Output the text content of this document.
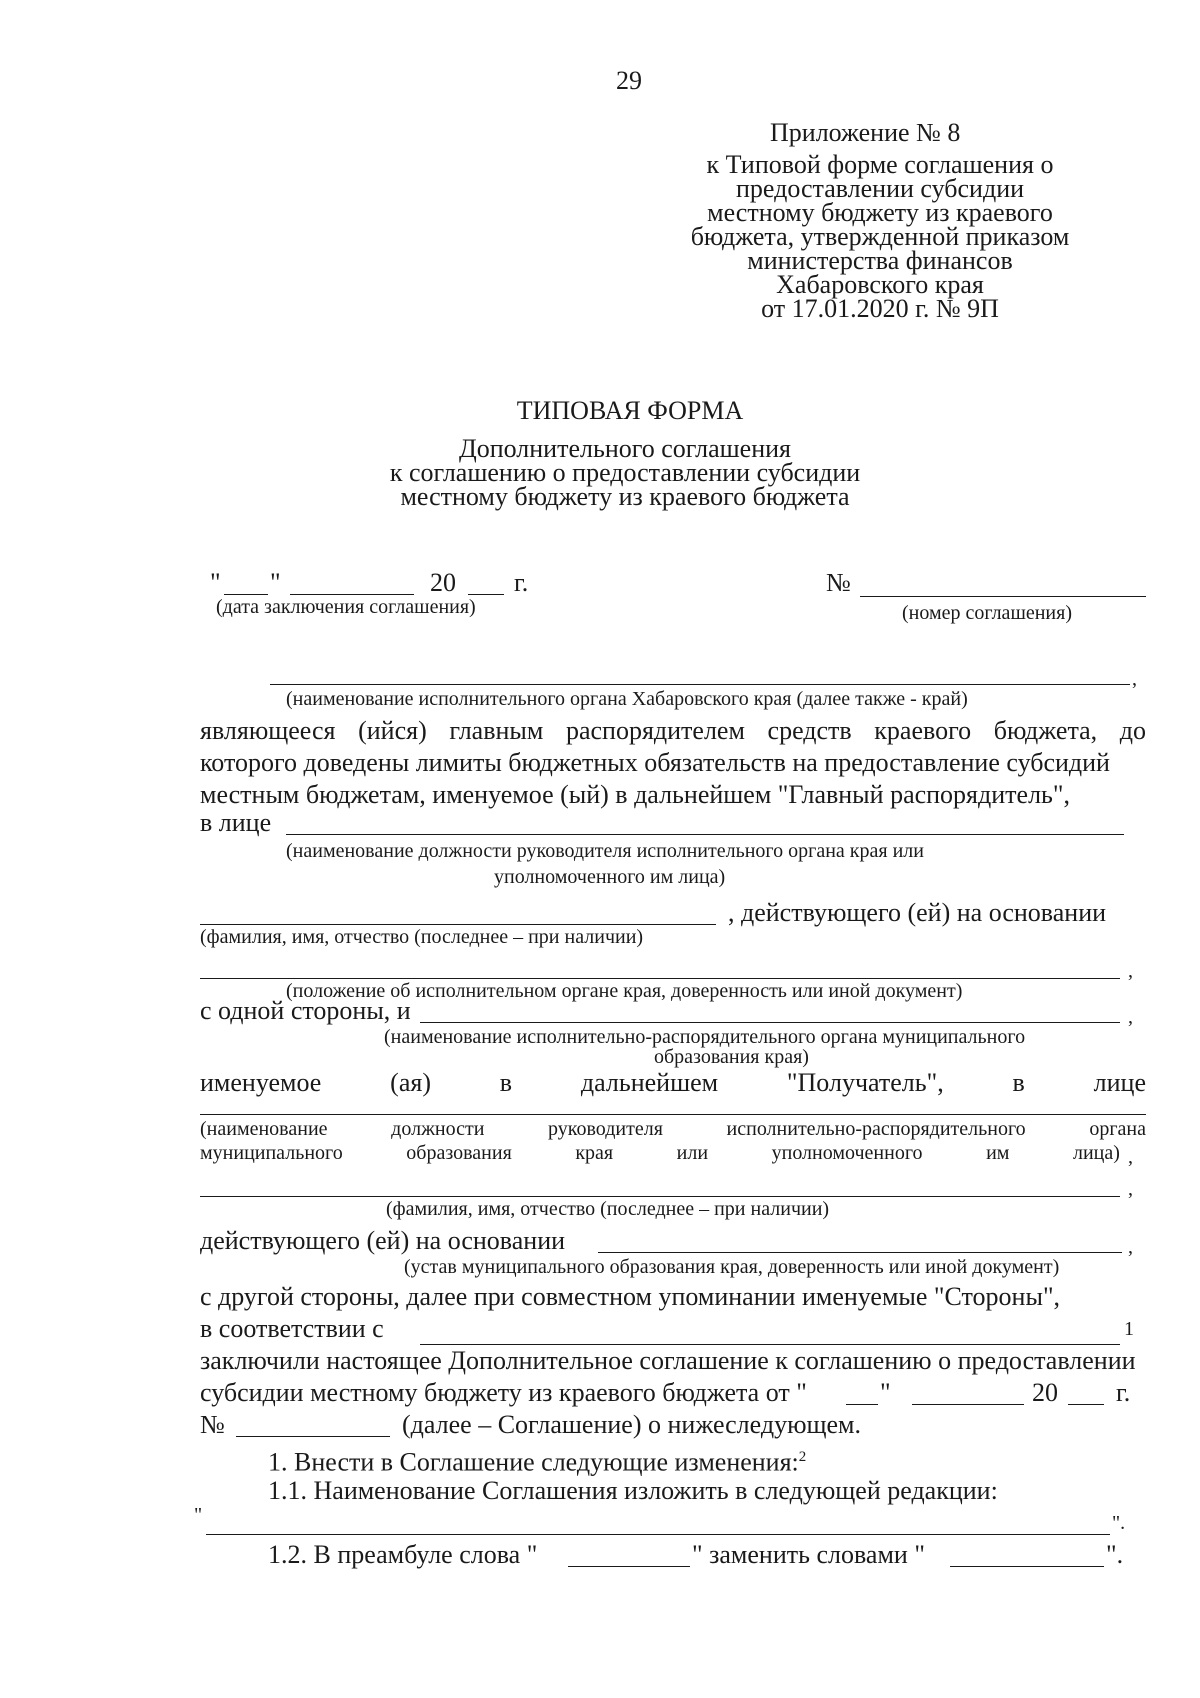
29
Приложение № 8
к Типовой форме соглашения о
предоставлении субсидии
местному бюджету из краевого
бюджета, утвержденной приказом
министерства финансов
Хабаровского края
от 17.01.2020 г. № 9П
ТИПОВАЯ ФОРМА
Дополнительного соглашения
к соглашению о предоставлении субсидии
местному бюджету из краевого бюджета
" "	20 г.
(дата заключения соглашения)
№
(номер соглашения)
,
(наименование исполнительного органа Хабаровского края (далее также - край)
являющееся (ийся) главным распорядителем средств краевого бюджета, до
которого доведены лимиты бюджетных обязательств на предоставление субсидий
местным бюджетам, именуемое (ый) в дальнейшем "Главный распорядитель",
в лице
(наименование должности руководителя исполнительного органа края или
уполномоченного им лица)
, действующего (ей) на основании
(фамилия, имя, отчество (последнее – при наличии)
,
(положение об исполнительном органе края, доверенность или иной документ)
с одной стороны, и	,
(наименование исполнительно-распорядительного органа муниципального
образования края)
именуемое	(ая)	в	дальнейшем	"Получатель",	в	лице
(наименование	должности	руководителя	исполнительно-распорядительного	органа
муниципального	образования	края	или	уполномоченного	им	лица) ,
,
(фамилия, имя, отчество (последнее – при наличии)
действующего (ей) на основании	,
(устав муниципального образования края, доверенность или иной документ)
с другой стороны, далее при совместном упоминании именуемые "Стороны",
в соответствии с	1
заключили настоящее Дополнительное соглашение к соглашению о предоставлении
субсидии местному бюджету из краевого бюджета от "	"	20 г.
№	(далее – Соглашение) о нижеследующем.
1. Внести в Соглашение следующие изменения:$^2$
1.1. Наименование Соглашения изложить в следующей редакции:
"	".
1.2. В преамбуле слова "	" заменить словами "	".
